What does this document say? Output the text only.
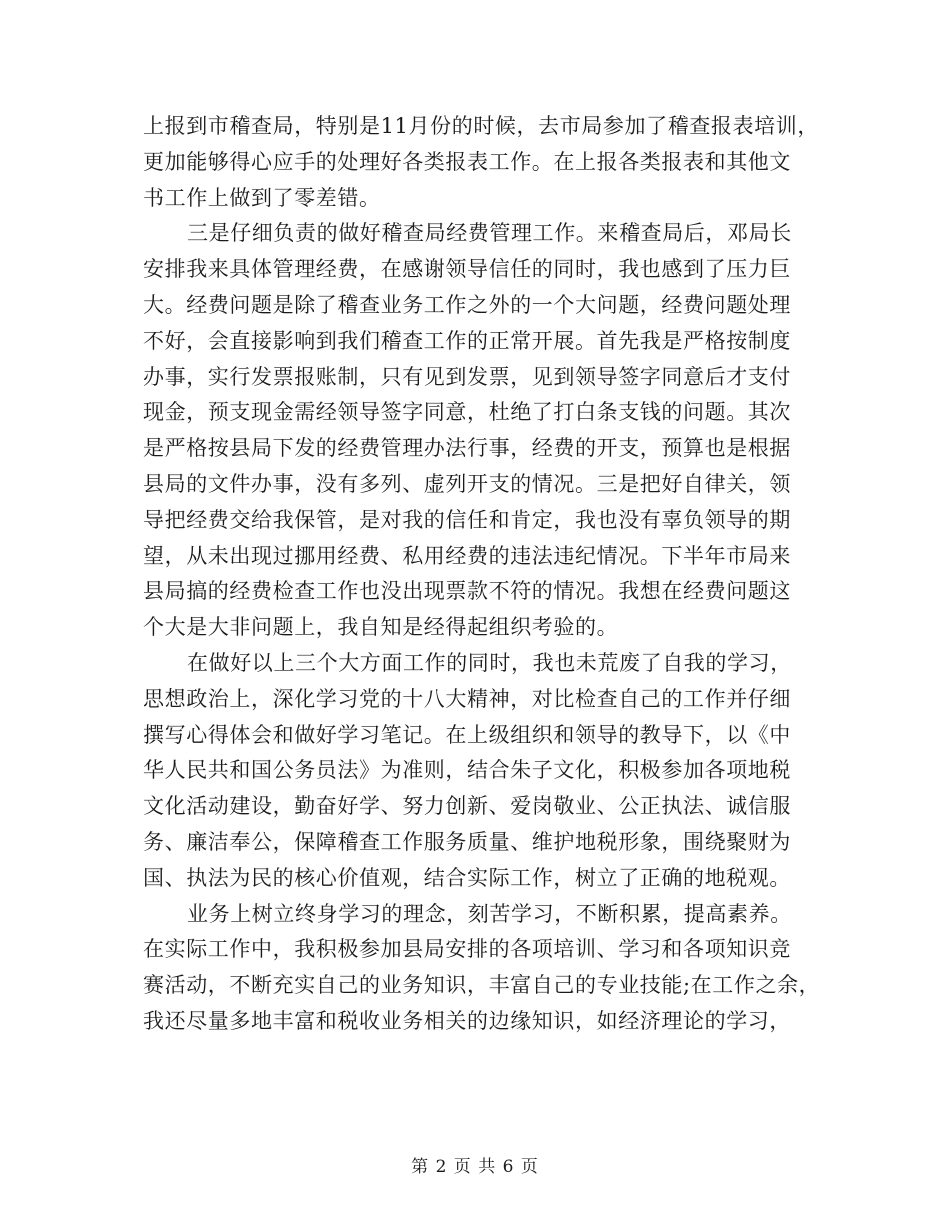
上报到市稽查局，特别是11月份的时候，去市局参加了稽查报表培训，
更加能够得心应手的处理好各类报表工作。在上报各类报表和其他文
书工作上做到了零差错。
三是仔细负责的做好稽查局经费管理工作。来稽查局后，邓局长
安排我来具体管理经费，在感谢领导信任的同时，我也感到了压力巨
大。经费问题是除了稽查业务工作之外的一个大问题，经费问题处理
不好，会直接影响到我们稽查工作的正常开展。首先我是严格按制度
办事，实行发票报账制，只有见到发票，见到领导签字同意后才支付
现金，预支现金需经领导签字同意，杜绝了打白条支钱的问题。其次
是严格按县局下发的经费管理办法行事，经费的开支，预算也是根据
县局的文件办事，没有多列、虚列开支的情况。三是把好自律关，领
导把经费交给我保管，是对我的信任和肯定，我也没有辜负领导的期
望，从未出现过挪用经费、私用经费的违法违纪情况。下半年市局来
县局搞的经费检查工作也没出现票款不符的情况。我想在经费问题这
个大是大非问题上，我自知是经得起组织考验的。
在做好以上三个大方面工作的同时，我也未荒废了自我的学习，
思想政治上，深化学习党的十八大精神，对比检查自己的工作并仔细
撰写心得体会和做好学习笔记。在上级组织和领导的教导下，以《中
华人民共和国公务员法》为准则，结合朱子文化，积极参加各项地税
文化活动建设，勤奋好学、努力创新、爱岗敬业、公正执法、诚信服
务、廉洁奉公，保障稽查工作服务质量、维护地税形象，围绕聚财为
国、执法为民的核心价值观，结合实际工作，树立了正确的地税观。
业务上树立终身学习的理念，刻苦学习，不断积累，提高素养。
在实际工作中，我积极参加县局安排的各项培训、学习和各项知识竞
赛活动，不断充实自己的业务知识，丰富自己的专业技能;在工作之余，
我还尽量多地丰富和税收业务相关的边缘知识，如经济理论的学习，
第 2 页 共 6 页
